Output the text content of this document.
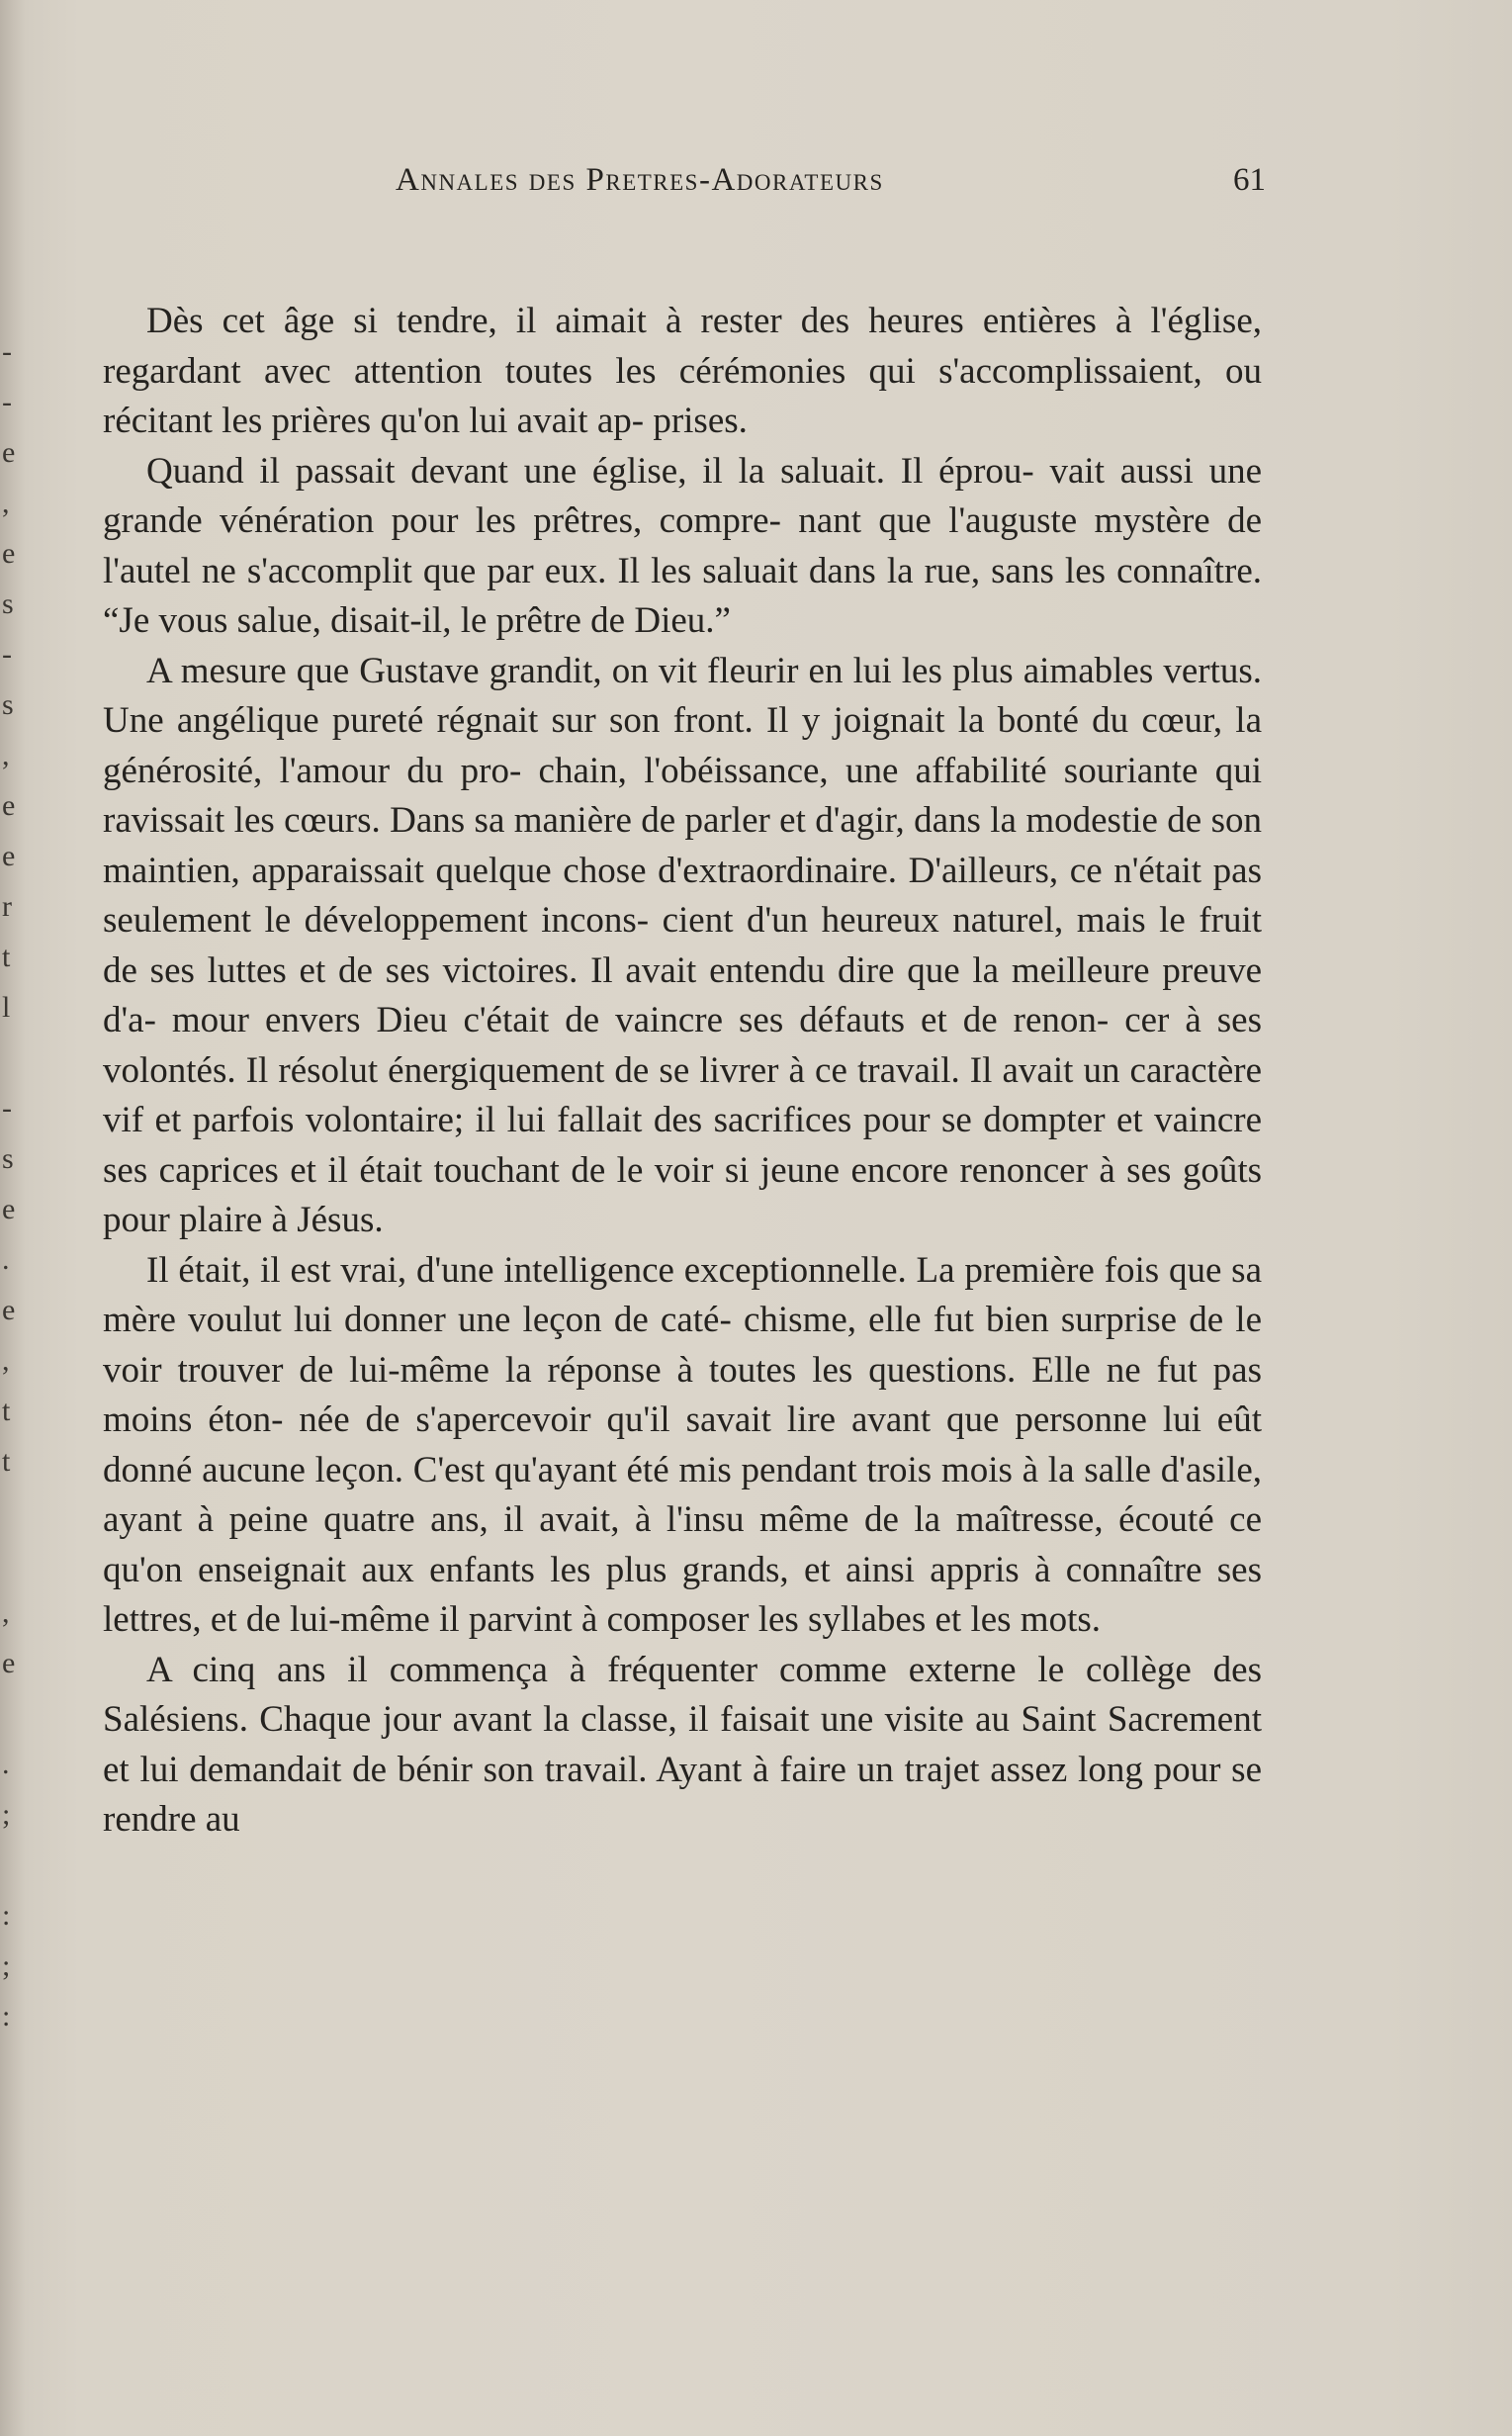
-
-
e
,
e
s
-
s
,
e
e
r
t
l
-
s
e
.
e
,
t
t
,
e
.
;
:
;
:
Annales des Pretres-Adorateurs	61

Dès cet âge si tendre, il aimait à rester des heures entières à l'église, regardant avec attention toutes les cérémonies qui s'accomplissaient, ou récitant les prières qu'on lui avait ap- prises.

Quand il passait devant une église, il la saluait. Il éprou- vait aussi une grande vénération pour les prêtres, compre- nant que l'auguste mystère de l'autel ne s'accomplit que par eux. Il les saluait dans la rue, sans les connaître. “Je vous salue, disait-il, le prêtre de Dieu.”

A mesure que Gustave grandit, on vit fleurir en lui les plus aimables vertus. Une angélique pureté régnait sur son front. Il y joignait la bonté du cœur, la générosité, l'amour du pro- chain, l'obéissance, une affabilité souriante qui ravissait les cœurs. Dans sa manière de parler et d'agir, dans la modestie de son maintien, apparaissait quelque chose d'extraordinaire. D'ailleurs, ce n'était pas seulement le développement incons- cient d'un heureux naturel, mais le fruit de ses luttes et de ses victoires. Il avait entendu dire que la meilleure preuve d'a- mour envers Dieu c'était de vaincre ses défauts et de renon- cer à ses volontés. Il résolut énergiquement de se livrer à ce travail. Il avait un caractère vif et parfois volontaire; il lui fallait des sacrifices pour se dompter et vaincre ses caprices et il était touchant de le voir si jeune encore renoncer à ses goûts pour plaire à Jésus.

Il était, il est vrai, d'une intelligence exceptionnelle. La première fois que sa mère voulut lui donner une leçon de caté- chisme, elle fut bien surprise de le voir trouver de lui-même la réponse à toutes les questions. Elle ne fut pas moins éton- née de s'apercevoir qu'il savait lire avant que personne lui eût donné aucune leçon. C'est qu'ayant été mis pendant trois mois à la salle d'asile, ayant à peine quatre ans, il avait, à l'insu même de la maîtresse, écouté ce qu'on enseignait aux enfants les plus grands, et ainsi appris à connaître ses lettres, et de lui-même il parvint à composer les syllabes et les mots.

A cinq ans il commença à fréquenter comme externe le collège des Salésiens. Chaque jour avant la classe, il faisait une visite au Saint Sacrement et lui demandait de bénir son travail. Ayant à faire un trajet assez long pour se rendre au
